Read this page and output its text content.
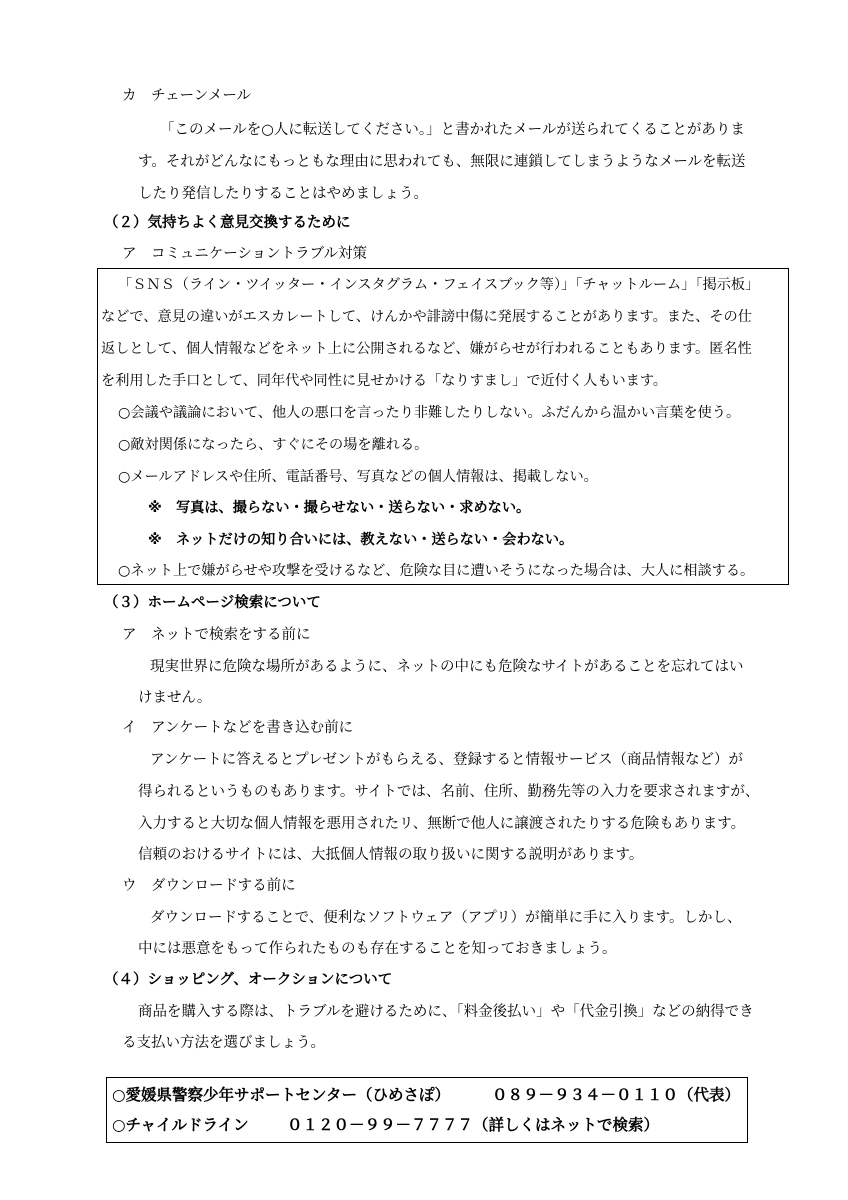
カ　チェーンメール
「このメールを○人に転送してください。」と書かれたメールが送られてくることがありま
す。それがどんなにもっともな理由に思われても、無限に連鎖してしまうようなメールを転送
したり発信したりすることはやめましょう。
（２）気持ちよく意見交換するために
ア　コミュニケーショントラブル対策
「ＳＮＳ（ライン・ツイッター・インスタグラム・フェイスブック等）」「チャットルーム」「掲示板」
などで、意見の違いがエスカレートして、けんかや誹謗中傷に発展することがあります。また、その仕
返しとして、個人情報などをネット上に公開されるなど、嫌がらせが行われることもあります。匿名性
を利用した手口として、同年代や同性に見せかける「なりすまし」で近付く人もいます。
○会議や議論において、他人の悪口を言ったり非難したりしない。ふだんから温かい言葉を使う。
○敵対関係になったら、すぐにその場を離れる。
○メールアドレスや住所、電話番号、写真などの個人情報は、掲載しない。
※　写真は、撮らない・撮らせない・送らない・求めない。
※　ネットだけの知り合いには、教えない・送らない・会わない。
○ネット上で嫌がらせや攻撃を受けるなど、危険な目に遭いそうになった場合は、大人に相談する。
（３）ホームページ検索について
ア　ネットで検索をする前に
現実世界に危険な場所があるように、ネットの中にも危険なサイトがあることを忘れてはい
けません。
イ　アンケートなどを書き込む前に
アンケートに答えるとプレゼントがもらえる、登録すると情報サービス（商品情報など）が
得られるというものもあります。サイトでは、名前、住所、勤務先等の入力を要求されますが、
入力すると大切な個人情報を悪用されたリ、無断で他人に譲渡されたりする危険もあります。
信頼のおけるサイトには、大抵個人情報の取り扱いに関する説明があります。
ウ　ダウンロードする前に
ダウンロードすることで、便利なソフトウェア（アプリ）が簡単に手に入ります。しかし、
中には悪意をもって作られたものも存在することを知っておきましょう。
（４）ショッピング、オークションについて
商品を購入する際は、トラブルを避けるために、「料金後払い」や「代金引換」などの納得でき
る支払い方法を選びましょう。
○愛媛県警察少年サポートセンター（ひめさぽ）	０８９－９３４－０１１０（代表）
○チャイルドライン ０１２０－９９－７７７７（詳しくはネットで検索）
